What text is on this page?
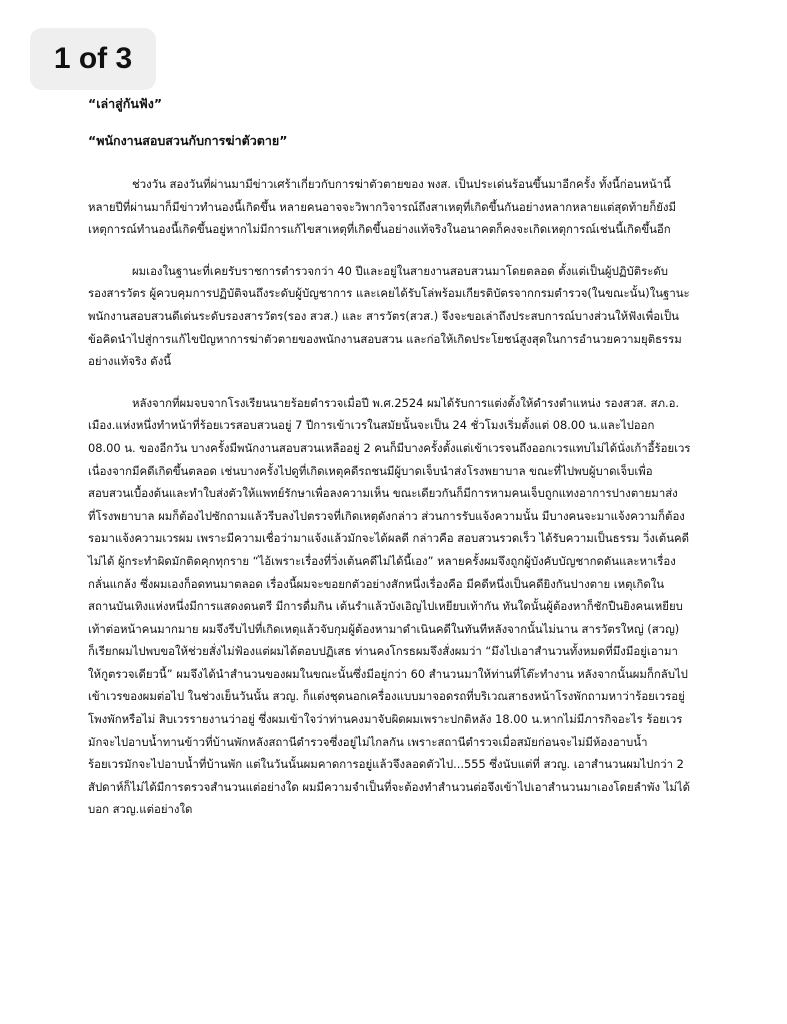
1 of 3
“เล่าสู่กันฟัง”
“พนักงานสอบสวนกับการฆ่าตัวตาย”
ช่วงวัน สองวันที่ผ่านมามีข่าวเศร้าเกี่ยวกับการฆ่าตัวตายของ พงส. เป็นประเด่นร้อนขึ้นมาอีกครั้ง ทั้งนี้ก่อนหน้านี้
หลายปีที่ผ่านมาก็มีข่าวทำนองนี้เกิดขึ้น หลายคนอาจจะวิพากวิจารณ์ถึงสาเหตุที่เกิดขึ้นกันอย่างหลากหลายแต่สุดท้ายก็ยังมี
เหตุการณ์ทำนองนี้เกิดขึ้นอยู่หากไม่มีการแก้ไขสาเหตุที่เกิดขึ้นอย่างแท้จริงในอนาคตก็คงจะเกิดเหตุการณ์เช่นนี้เกิดขึ้นอีก
ผมเองในฐานะที่เคยรับราชการตำรวจกว่า 40 ปีและอยู่ในสายงานสอบสวนมาโดยตลอด ตั้งแต่เป็นผู้ปฏิบัติระดับ
รองสารวัตร ผู้ควบคุมการปฏิบัติจนถึงระดับผู้บัญชาการ และเคยได้รับโล่พร้อมเกียรติบัตรจากกรมตำรวจ(ในขณะนั้น)ในฐานะ
พนักงานสอบสวนดีเด่นระดับรองสารวัตร(รอง สวส.) และ สารวัตร(สวส.) จึงจะขอเล่าถึงประสบการณ์บางส่วนให้ฟังเพื่อเป็น
ข้อคิดนำไปสู่การแก้ไขปัญหาการฆ่าตัวตายของพนักงานสอบสวน และก่อให้เกิดประโยชน์สูงสุดในการอำนวยความยุติธรรม
อย่างแท้จริง ดังนี้
หลังจากที่ผมจบจากโรงเรียนนายร้อยตำรวจเมื่อปี พ.ศ.2524 ผมได้รับการแต่งตั้งให้ดำรงตำแหน่ง รองสวส. สภ.อ.
เมือง.แห่งหนึ่งทำหน้าที่ร้อยเวรสอบสวนอยู่ 7 ปีการเข้าเวรในสมัยนั้นจะเป็น 24 ชั่วโมงเริ่มตั้งแต่ 08.00 น.และไปออก
08.00 น. ของอีกวัน บางครั้งมีพนักงานสอบสวนเหลืออยู่ 2 คนก็มีบางครั้งตั้งแต่เข้าเวรจนถึงออกเวรแทบไม่ได้นั่งเก้าอี้ร้อยเวร
เนื่องจากมีคดีเกิดขึ้นตลอด เช่นบางครั้งไปดูที่เกิดเหตุคดีรถชนมีผู้บาดเจ็บนำส่งโรงพยาบาล ขณะที่ไปพบผู้บาดเจ็บเพื่อ
สอบสวนเบื้องต้นและทำใบส่งตัวให้แพทย์รักษาเพื่อลงความเห็น ขณะเดียวกันก็มีการหามคนเจ็บถูกแทงอาการปางตายมาส่ง
ที่โรงพยาบาล ผมก็ต้องไปซักถามแล้วรีบลงไปตรวจที่เกิดเหตุดังกล่าว ส่วนการรับแจ้งความนั้น มีบางคนจะมาแจ้งความก็ต้อง
รอมาแจ้งความเวรผม เพราะมีความเชื่อว่ามาแจ้งแล้วมักจะได้ผลดี กล่าวคือ สอบสวนรวดเร็ว ได้รับความเป็นธรรม วิ่งเต้นคดี
ไม่ได้ ผู้กระทำผิดมักติดคุกทุกราย “ไอ้เพราะเรื่องที่วิ่งเต้นคดีไม่ได้นี้เอง” หลายครั้งผมจึงถูกผู้บังคับบัญชากดดันและหาเรื่อง
กลั่นแกล้ง ซึ่งผมเองก็อดทนมาตลอด เรื่องนี้ผมจะขอยกตัวอย่างสักหนึ่งเรื่องคือ มีคดีหนึ่งเป็นคดียิงกันปางตาย เหตุเกิดใน
สถานบันเทิงแห่งหนึ่งมีการแสดงดนตรี มีการดื่มกิน เต้นรำแล้วบังเอิญไปเหยียบเท้ากัน ทันใดนั้นผู้ต้องหาก็ชักปืนยิงคนเหยียบ
เท้าต่อหน้าคนมากมาย ผมจึงรีบไปที่เกิดเหตุแล้วจับกุมผู้ต้องหามาดำเนินคดีในทันทีหลังจากนั้นไม่นาน สารวัตรใหญ่ (สวญ)
ก็เรียกผมไปพบขอให้ช่วยสั่งไม่ฟ้องแต่ผมได้ตอบปฏิเสธ ท่านคงโกรธผมจึงสั่งผมว่า “มึงไปเอาสำนวนทั้งหมดที่มึงมีอยู่เอามา
ให้กูตรวจเดียวนี้” ผมจึงได้นำสำนวนของผมในขณะนั้นซึ่งมีอยู่กว่า 60 สำนวนมาให้ท่านที่โต๊ะทำงาน หลังจากนั้นผมก็กลับไป
เข้าเวรของผมต่อไป ในช่วงเย็นวันนั้น สวญ. ก็แต่งชุดนอกเครื่องแบบมาจอดรถที่บริเวณสาธงหน้าโรงพักถามหาว่าร้อยเวรอยู่
โพงพักหรือไม่ สิบเวรรายงานว่าอยู่ ซึ่งผมเข้าใจว่าท่านคงมาจับผิดผมเพราะปกติหลัง 18.00 น.หากไม่มีภารกิจอะไร ร้อยเวร
มักจะไปอาบน้ำทานข้าวที่บ้านพักหลังสถานีตำรวจซึ่งอยู่ไม่ไกลกัน เพราะสถานีตำรวจเมื่อสมัยก่อนจะไม่มีห้องอาบน้ำ
ร้อยเวรมักจะไปอาบน้ำที่บ้านพัก แต่ในวันนั้นผมคาดการอยู่แล้วจึงลอดตัวไป...555 ซึ่งนับแต่ที่ สวญ. เอาสำนวนผมไปกว่า 2
สัปดาห์ก็ไม่ได้มีการตรวจสำนวนแต่อย่างใด ผมมีความจำเป็นที่จะต้องทำสำนวนต่อจึงเข้าไปเอาสำนวนมาเองโดยลำพัง ไม่ได้
บอก สวญ.แต่อย่างใด
